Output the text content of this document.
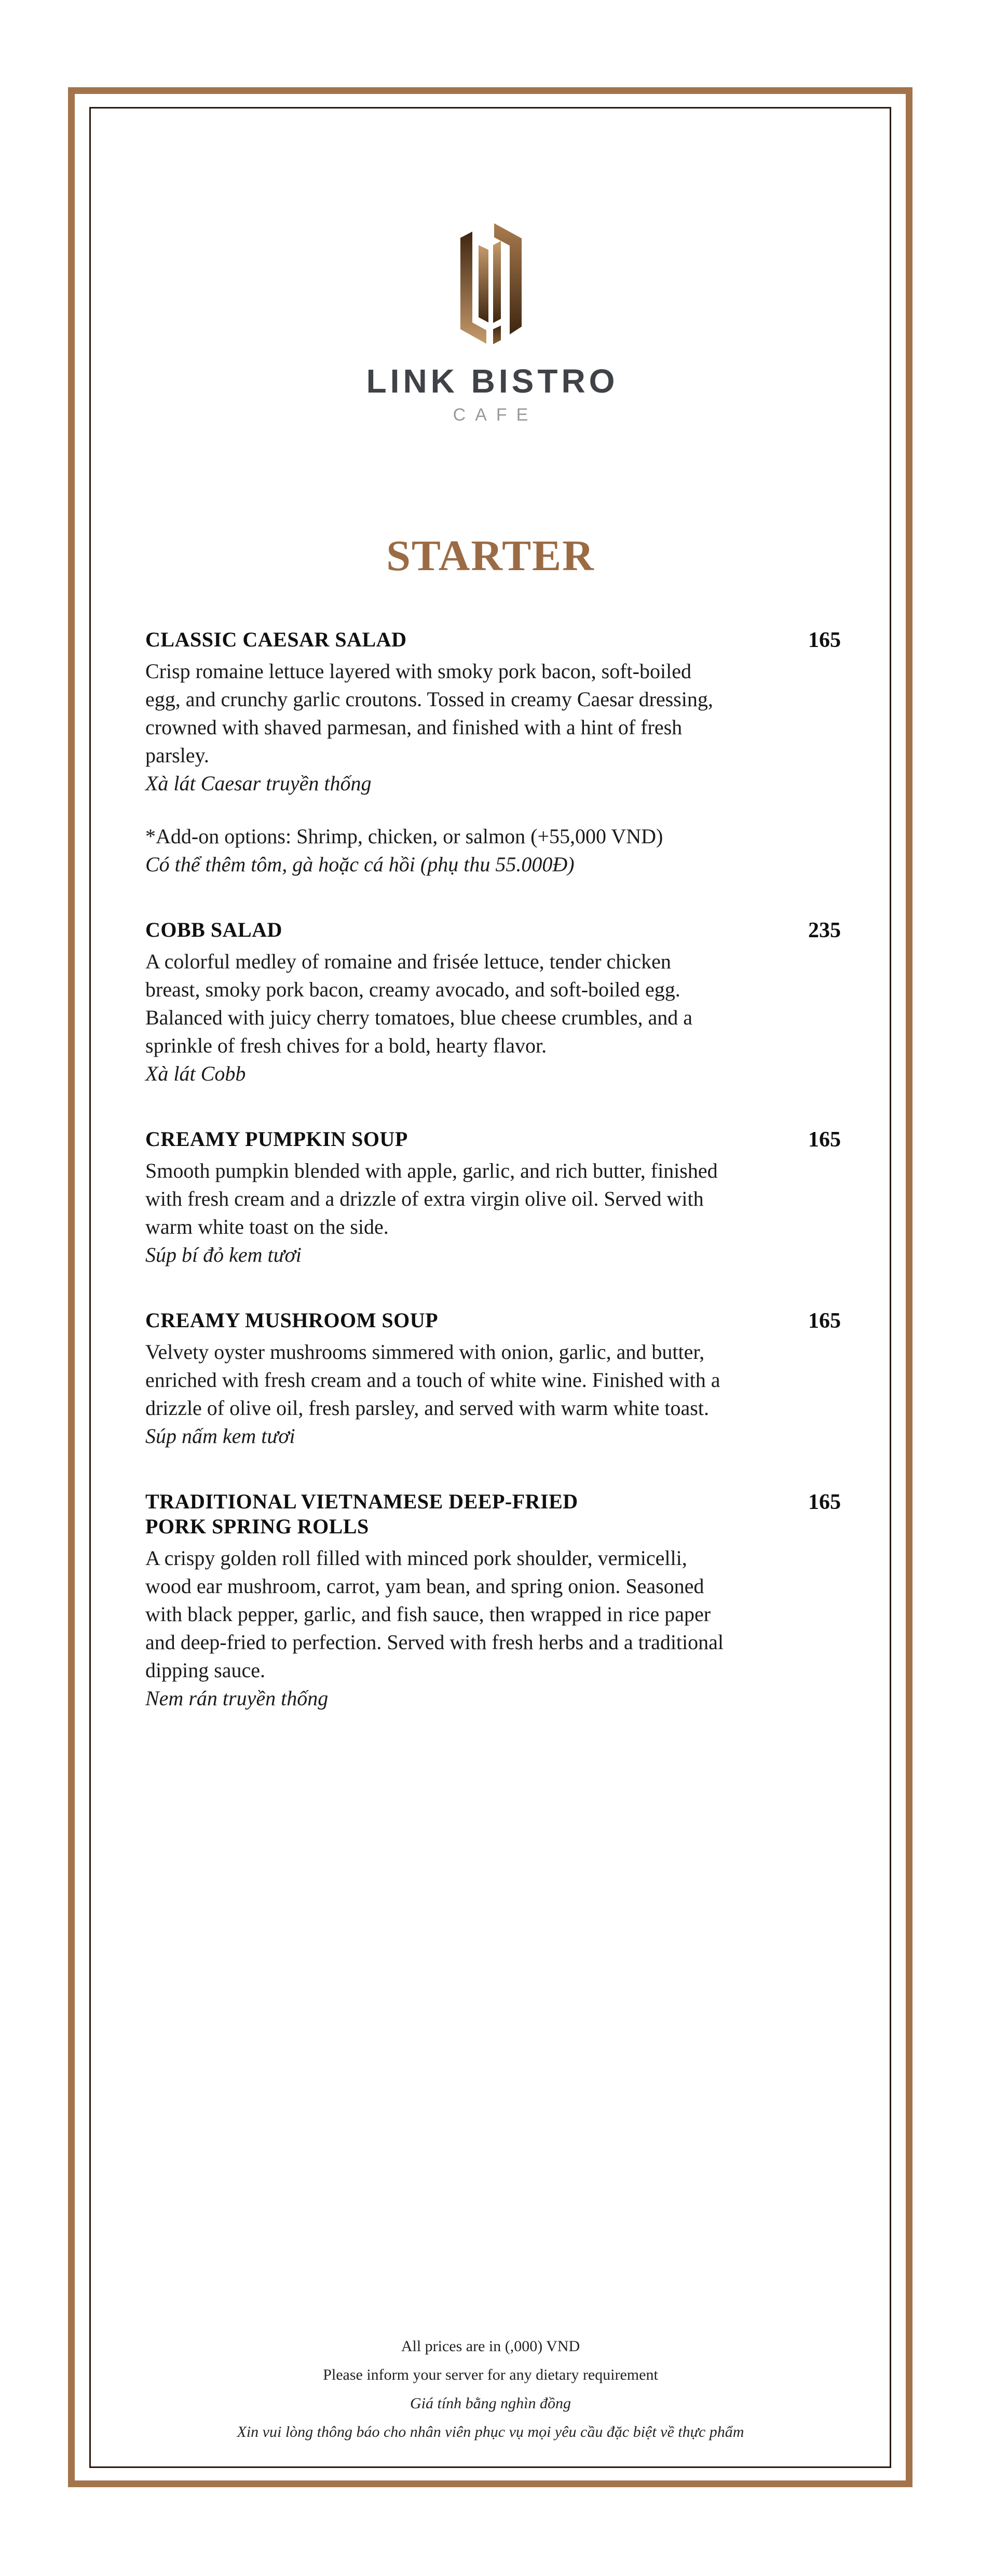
LINK BISTRO
CAFE
STARTER
CLASSIC CAESAR SALAD

Crisp romaine lettuce layered with smoky pork bacon, soft-boiled egg, and crunchy garlic croutons. Tossed in creamy Caesar dressing, crowned with shaved parmesan, and finished with a hint of fresh parsley.

Xà lát Caesar truyền thống

*Add-on options: Shrimp, chicken, or salmon (+55,000 VND)

Có thể thêm tôm, gà hoặc cá hồi (phụ thu 55.000Đ)

165
COBB SALAD

A colorful medley of romaine and frisée lettuce, tender chicken breast, smoky pork bacon, creamy avocado, and soft-boiled egg. Balanced with juicy cherry tomatoes, blue cheese crumbles, and a sprinkle of fresh chives for a bold, hearty flavor.

Xà lát Cobb

235
CREAMY PUMPKIN SOUP

Smooth pumpkin blended with apple, garlic, and rich butter, finished with fresh cream and a drizzle of extra virgin olive oil. Served with warm white toast on the side.

Súp bí đỏ kem tươi

165
CREAMY MUSHROOM SOUP

Velvety oyster mushrooms simmered with onion, garlic, and butter, enriched with fresh cream and a touch of white wine. Finished with a drizzle of olive oil, fresh parsley, and served with warm white toast.

Súp nấm kem tươi

165
TRADITIONAL VIETNAMESE DEEP-FRIED PORK SPRING ROLLS

A crispy golden roll filled with minced pork shoulder, vermicelli, wood ear mushroom, carrot, yam bean, and spring onion. Seasoned with black pepper, garlic, and fish sauce, then wrapped in rice paper and deep-fried to perfection. Served with fresh herbs and a traditional dipping sauce.

Nem rán truyền thống

165
All prices are in (,000) VND
Please inform your server for any dietary requirement
Giá tính bằng nghìn đồng
Xin vui lòng thông báo cho nhân viên phục vụ mọi yêu cầu đặc biệt về thực phẩm
